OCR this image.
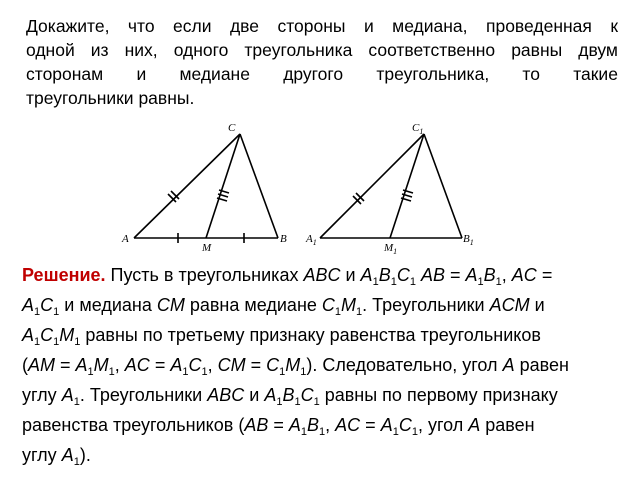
Докажите, что если две стороны и медиана, проведенная к
одной из них, одного треугольника соответственно равны двум
сторонам и медиане другого треугольника, то такие
треугольники равны.
A	B
C
M
$A_1$	$B_1$
$C_1$
$M_1$
Решение. Пусть в треугольниках ABC и $A_1B_1C_1$ AB = $A_1B_1$, AC =
$A_1C_1$ и медиана CM равна медиане $C_1M_1$. Треугольники ACM и
$A_1C_1M_1$ равны по третьему признаку равенства треугольников
($AM = A_1M_1$, AC = $A_1C_1$, CM = $C_1M_1$). Следовательно, угол A равен
углу $A_1$. Треугольники ABC и $A_1B_1C_1$ равны по первому признаку
равенства треугольников ($AB = A_1B_1$, AC = $A_1C_1$, угол A равен
углу $A_1$).
